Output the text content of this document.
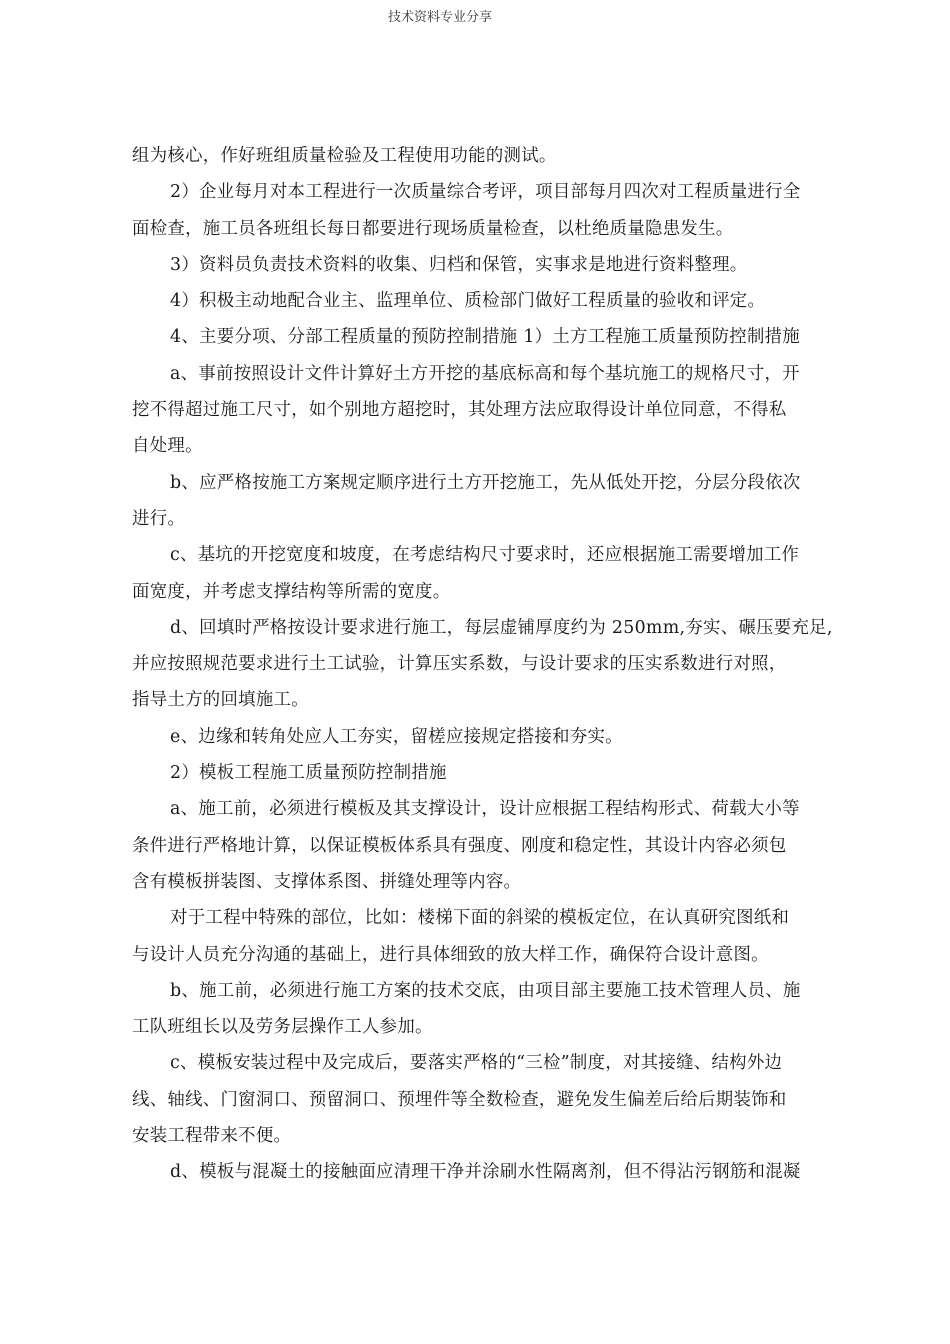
技术资料专业分享

组为核心，作好班组质量检验及工程使用功能的测试。

2）企业每月对本工程进行一次质量综合考评，项目部每月四次对工程质量进行全

面检查，施工员各班组长每日都要进行现场质量检查，以杜绝质量隐患发生。

3）资料员负责技术资料的收集、归档和保管，实事求是地进行资料整理。

4）积极主动地配合业主、监理单位、质检部门做好工程质量的验收和评定。

4、主要分项、分部工程质量的预防控制措施 1）土方工程施工质量预防控制措施

a、事前按照设计文件计算好土方开挖的基底标高和每个基坑施工的规格尺寸，开

挖不得超过施工尺寸，如个别地方超挖时，其处理方法应取得设计单位同意，不得私

自处理。

b、应严格按施工方案规定顺序进行土方开挖施工，先从低处开挖，分层分段依次

进行。

c、基坑的开挖宽度和坡度，在考虑结构尺寸要求时，还应根据施工需要增加工作

面宽度，并考虑支撑结构等所需的宽度。

d、回填时严格按设计要求进行施工，每层虚铺厚度约为 250mm,夯实、碾压要充足,

并应按照规范要求进行土工试验，计算压实系数，与设计要求的压实系数进行对照，

指导土方的回填施工。

e、边缘和转角处应人工夯实，留槎应接规定搭接和夯实。

2）模板工程施工质量预防控制措施

a、施工前，必须进行模板及其支撑设计，设计应根据工程结构形式、荷载大小等

条件进行严格地计算，以保证模板体系具有强度、刚度和稳定性，其设计内容必须包

含有模板拼装图、支撑体系图、拼缝处理等内容。

对于工程中特殊的部位，比如：楼梯下面的斜梁的模板定位，在认真研究图纸和

与设计人员充分沟通的基础上，进行具体细致的放大样工作，确保符合设计意图。

b、施工前，必须进行施工方案的技术交底，由项目部主要施工技术管理人员、施

工队班组长以及劳务层操作工人参加。

c、模板安装过程中及完成后，要落实严格的“三检”制度，对其接缝、结构外边

线、轴线、门窗洞口、预留洞口、预埋件等全数检查，避免发生偏差后给后期装饰和

安装工程带来不便。

d、模板与混凝土的接触面应清理干净并涂刷水性隔离剂，但不得沾污钢筋和混凝
